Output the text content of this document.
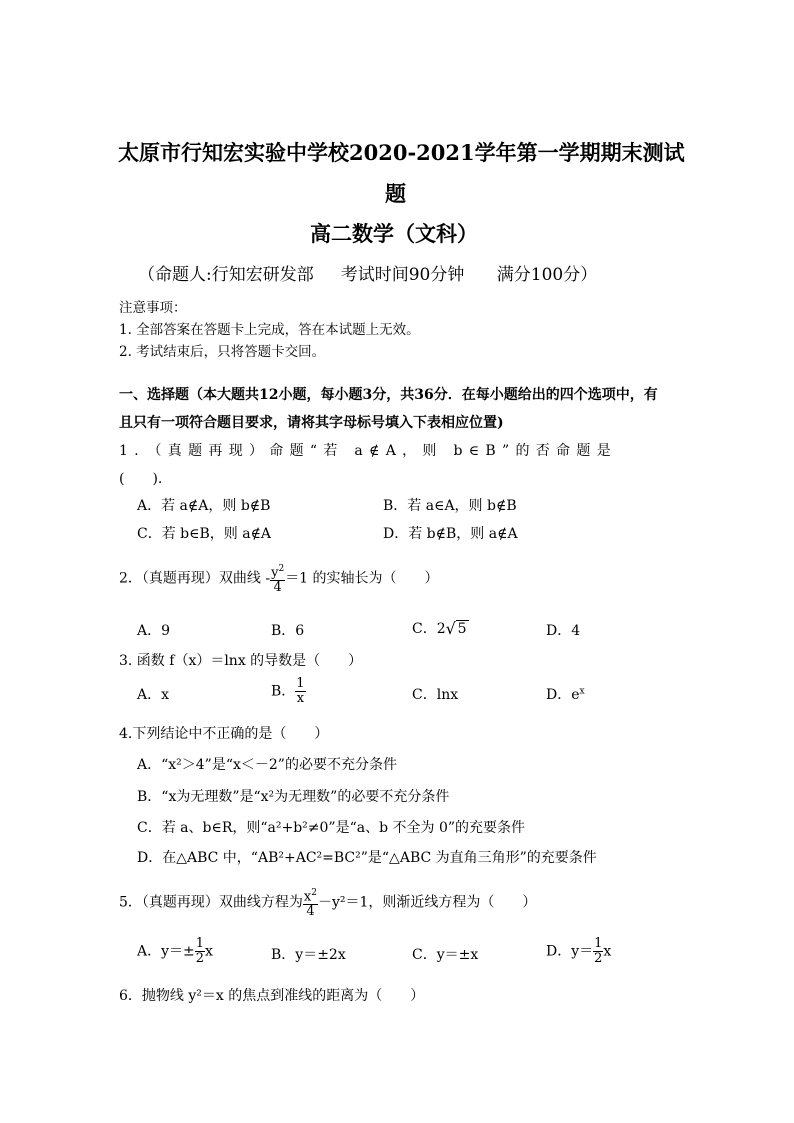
太原市行知宏实验中学校2020-2021学年第一学期期末测试
题
高二数学（文科）
（命题人:行知宏研发部     考试时间90分钟      满分100分）
注意事项：
1. 全部答案在答题卡上完成，答在本试题上无效。
2. 考试结束后，只将答题卡交回。
一、选择题（本大题共12小题，每小题3分，共36分．在每小题给出的四个选项中，有
且只有一项符合题目要求，请将其字母标号填入下表相应位置)
1．（真题再现）命题“若 a∉A，则 b∈B”的否命题是
(　　).
A．若 a∉A，则 b∉B	B．若 a∈A，则 b∉B
C．若 b∈B，则 a∉A	D．若 b∉B，则 a∉A
2．（真题再现）双曲线 - $\frac{y^2}{4} =1$ 的实轴长为（　　）
A．9	B．6	C．2 √ 5	D．4
3. 函数 f（x）＝lnx 的导数是（　　）
A．x	B． $\frac{1}{x}$	C．lnx	D．$e^x$
4.下列结论中不正确的是（　　）
A．“x²＞4”是“x＜－2”的必要不充分条件
B．“x为无理数”是“x²为无理数”的必要不充分条件
C．若 a、b∈R，则“a²+b²≠0”是“a、b 不全为 0”的充要条件
D．在△ABC 中，“AB²+AC²=BC²”是“△ABC 为直角三角形”的充要条件
5．（真题再现）双曲线方程为 $\frac{x^2}{4} -y^2=1$，则渐近线方程为（　　）
A．$y=\pm \frac{1}{2}$ x	B．y＝±2x	C．y＝±x	D．$y= \frac{1}{2}$ x
6．抛物线 y²＝x 的焦点到准线的距离为（　　）
